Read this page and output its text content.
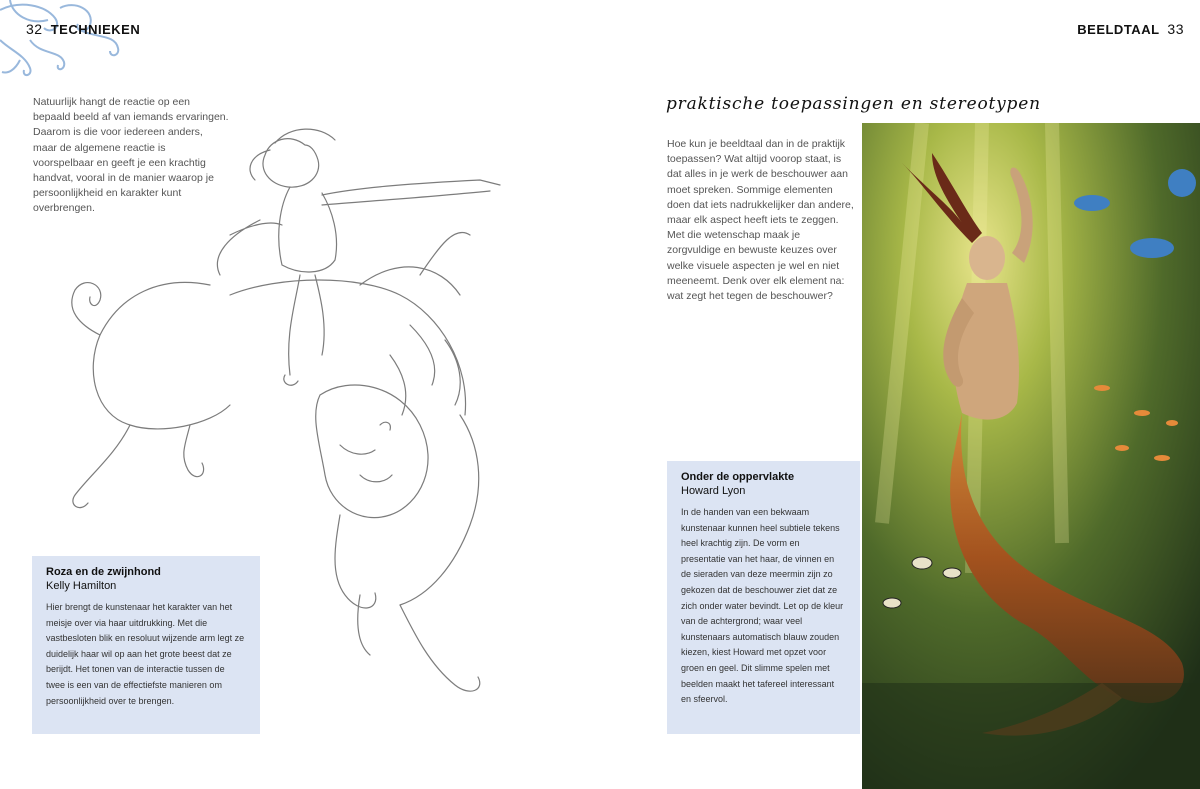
32 TECHNIEKEN

Natuurlijk hangt de reactie op een bepaald beeld af van iemands ervaringen. Daarom is die voor iedereen anders, maar de algemene reactie is voorspelbaar en geeft je een krachtig handvat, vooral in de manier waarop je persoonlijkheid en karakter kunt overbrengen.

Roza en de zwijnhond

Kelly Hamilton

Hier brengt de kunstenaar het karakter van het meisje over via haar uitdrukking. Met die vastbesloten blik en resoluut wijzende arm legt ze duidelijk haar wil op aan het grote beest dat ze berijdt. Het tonen van de interactie tussen de twee is een van de effectiefste manieren om persoonlijkheid over te brengen.

BEELDTAAL 33
praktische toepassingen en stereotypen

Hoe kun je beeldtaal dan in de praktijk toepassen? Wat altijd voorop staat, is dat alles in je werk de beschouwer aan moet spreken. Sommige elementen doen dat iets nadrukkelijker dan andere, maar elk aspect heeft iets te zeggen. Met die wetenschap maak je zorgvuldige en bewuste keuzes over welke visuele aspecten je wel en niet meeneemt. Denk over elk element na: wat zegt het tegen de beschouwer?

Onder de oppervlakte

Howard Lyon

In de handen van een bekwaam kunstenaar kunnen heel subtiele tekens heel krachtig zijn. De vorm en presentatie van het haar, de vinnen en de sieraden van deze meermin zijn zo gekozen dat de beschouwer ziet dat ze zich onder water bevindt. Let op de kleur van de achtergrond; waar veel kunstenaars automatisch blauw zouden kiezen, kiest Howard met opzet voor groen en geel. Dit slimme spelen met beelden maakt het tafereel interessant en sfeervol.
